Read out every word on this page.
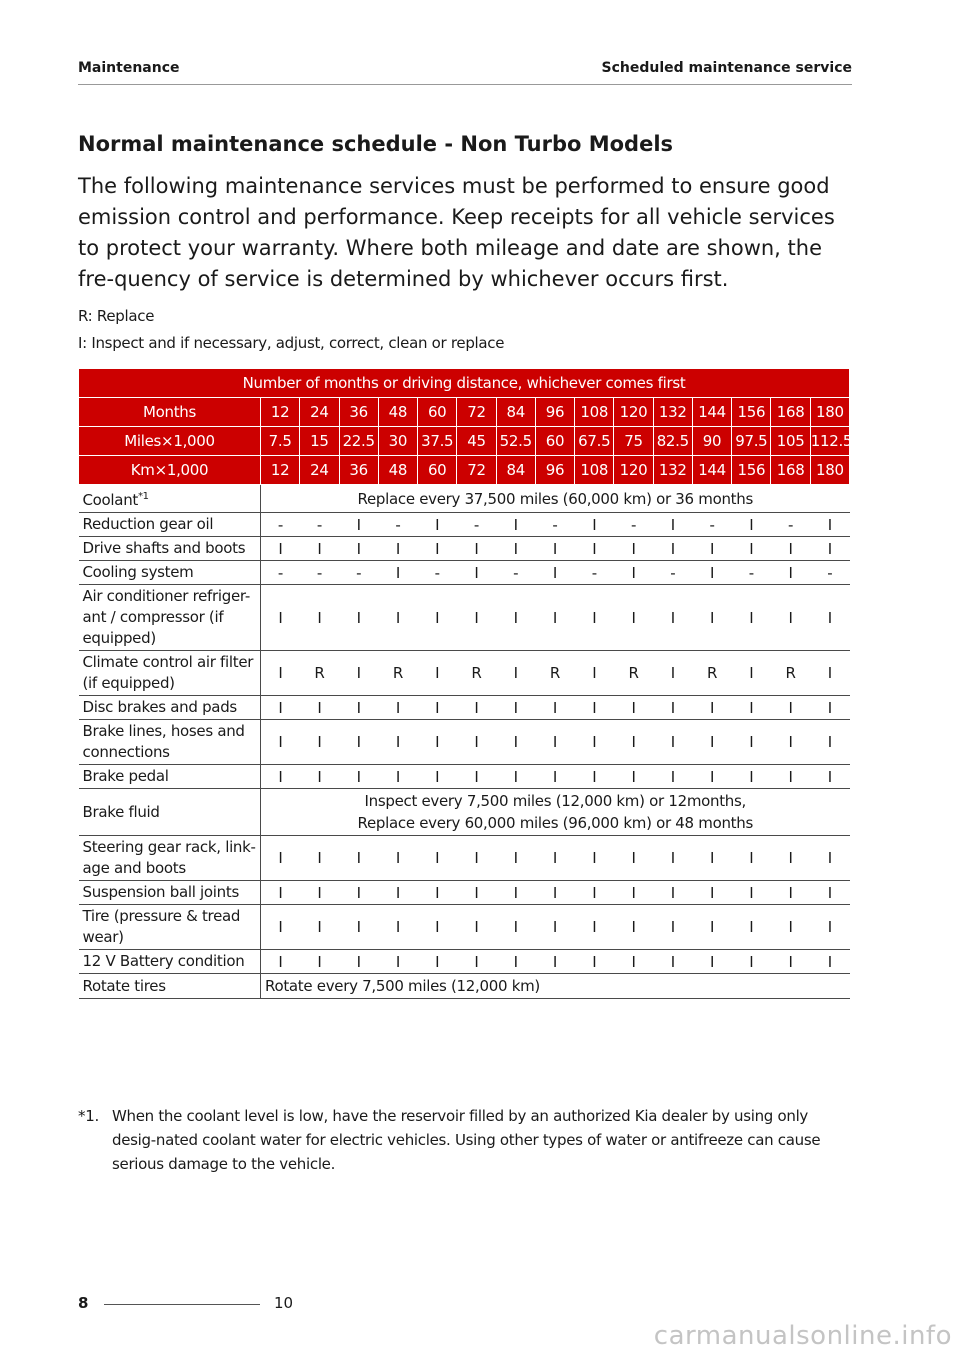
Maintenance	Scheduled maintenance service
Normal maintenance schedule - Non Turbo Models

The following maintenance services must be performed to ensure good emission control and performance. Keep receipts for all vehicle services to protect your warranty. Where both mileage and date are shown, the fre-quency of service is determined by whichever occurs first.

R: Replace

I: Inspect and if necessary, adjust, correct, clean or replace

Number of months or driving distance, whichever comes first															
Months	12	24	36	48	60	72	84	96	108	120	132	144	156	168	180
Miles×1,000	7.5	15	22.5	30	37.5	45	52.5	60	67.5	75	82.5	90	97.5	105	112.5
Km×1,000	12	24	36	48	60	72	84	96	108	120	132	144	156	168	180
Coolant$^{*1}$	Replace every 37,500 miles (60,000 km) or 36 months														
Reduction gear oil	-	-	I	-	I	-	I	-	I	-	I	-	I	-	I
Drive shafts and boots	I	I	I	I	I	I	I	I	I	I	I	I	I	I	I
Cooling system	-	-	-	I	-	I	-	I	-	I	-	I	-	I	-
Air conditioner refriger-ant / compressor (if equipped)	I	I	I	I	I	I	I	I	I	I	I	I	I	I	I
Climate control air filter (if equipped)	I	R	I	R	I	R	I	R	I	R	I	R	I	R	I
Disc brakes and pads	I	I	I	I	I	I	I	I	I	I	I	I	I	I	I
Brake lines, hoses and connections	I	I	I	I	I	I	I	I	I	I	I	I	I	I	I
Brake pedal	I	I	I	I	I	I	I	I	I	I	I	I	I	I	I
Brake fluid	Inspect every 7,500 miles (12,000 km) or 12months,
Replace every 60,000 miles (96,000 km) or 48 months														

Steering gear rack, link-age and boots	I	I	I	I	I	I	I	I	I	I	I	I	I	I	I
Suspension ball joints	I	I	I	I	I	I	I	I	I	I	I	I	I	I	I
Tire (pressure & tread wear)	I	I	I	I	I	I	I	I	I	I	I	I	I	I	I
12 V Battery condition	I	I	I	I	I	I	I	I	I	I	I	I	I	I	I
Rotate tires	Rotate every 7,500 miles (12,000 km)														
*1. When the coolant level is low, have the reservoir filled by an authorized Kia dealer by using only desig-nated coolant water for electric vehicles. Using other types of water or antifreeze can cause serious damage to the vehicle.
8	10
carmanualsonline.info
